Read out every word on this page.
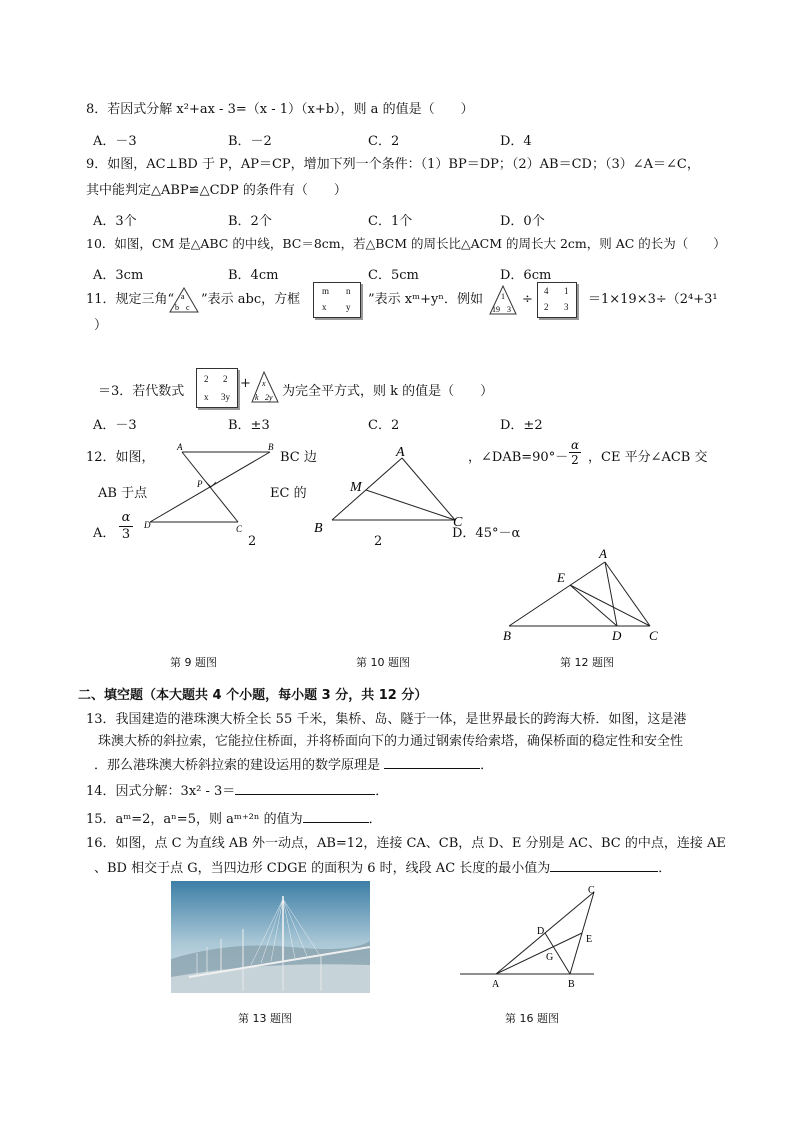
8．若因式分解 x²+ax - 3=（x - 1）（x+b），则 a 的值是（　　）
A．－3	B．－2	C．2	D．4
9．如图，AC⊥BD 于 P，AP＝CP，增加下列一个条件：（1）BP＝DP；（2）AB＝CD；（3）∠A＝∠C，
其中能判定△ABP≌△CDP 的条件有（　　）
A．3个	B．2个	C．1个	D．0个
10．如图，CM 是△ABC 的中线，BC＝8cm，若△BCM 的周长比△ACM 的周长大 2cm，则 AC 的长为（　　）
A．3cm	B．4cm	C．5cm	D．6cm
11．规定三角“ a
b c
”表示 abc，方框
m n
x y ”表示 xᵐ+yⁿ．例如 1
19 3
÷
4 1
2 3 ＝1×19×3÷（2⁴+3¹
）
＝3．若代数式
2 2
x 3y
+ x
k 2y 为完全平方式，则 k 的值是（　　）
A．－3	B．±3	C．2	D．±2
12．如图，	BC 边	，∠DAB=90°－
α
2 ，CE 平分∠ACB 交
AB 于点	EC 的
A．
α
3	2	2
D．45°－α
A	B
P
D	C
A
M
B	C
A
E
B	D C
第 9 题图	第 10 题图	第 12 题图
二、填空题（本大题共 4 个小题，每小题 3 分，共 12 分）
13．我国建造的港珠澳大桥全长 55 千米，集桥、岛、隧于一体，是世界最长的跨海大桥．如图，这是港
珠澳大桥的斜拉索，它能拉住桥面，并将桥面向下的力通过钢索传给索塔，确保桥面的稳定性和安全性
．那么港珠澳大桥斜拉索的建设运用的数学原理是	．
14．因式分解：3x² - 3＝	．
15．aᵐ=2，aⁿ=5，则 aᵐ⁺²ⁿ 的值为	．
16．如图，点 C 为直线 AB 外一动点，AB=12，连接 CA、CB，点 D、E 分别是 AC、BC 的中点，连接 AE
、BD 相交于点 G，当四边形 CDGE 的面积为 6 时，线段 AC 长度的最小值为	．
C
D
E
G
A	B
第 13 题图	第 16 题图
